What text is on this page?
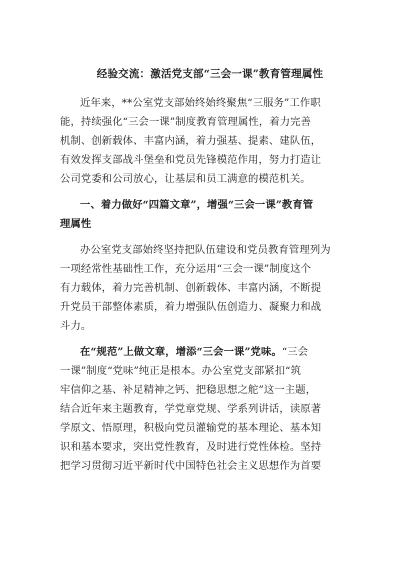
经验交流：激活党支部“三会一课”教育管理属性
近年来，**公室党支部始终始终聚焦“三服务”工作职
能，持续强化“三会一课”制度教育管理属性，着力完善
机制、创新载体、丰富内涵，着力强基、提素、建队伍，
有效发挥支部战斗堡垒和党员先锋模范作用，努力打造让
公司党委和公司放心，让基层和员工满意的模范机关。
一、着力做好“四篇文章”，增强“三会一课”教育管
理属性
办公室党支部始终坚持把队伍建设和党员教育管理列为
一项经常性基础性工作，充分运用“三会一课”制度这个
有力载体，着力完善机制、创新载体、丰富内涵，不断提
升党员干部整体素质，着力增强队伍创造力、凝聚力和战
斗力。
在“规范”上做文章，增添“三会一课”党味。“三会
一课”制度“党味”纯正是根本。办公室党支部紧扣“筑
牢信仰之基、补足精神之钙、把稳思想之舵”这一主题，
结合近年来主题教育，学党章党规、学系列讲话，读原著
学原文、悟原理，积极向党员灌输党的基本理论、基本知
识和基本要求，突出党性教育，及时进行党性体检。坚持
把学习贯彻习近平新时代中国特色社会主义思想作为首要
